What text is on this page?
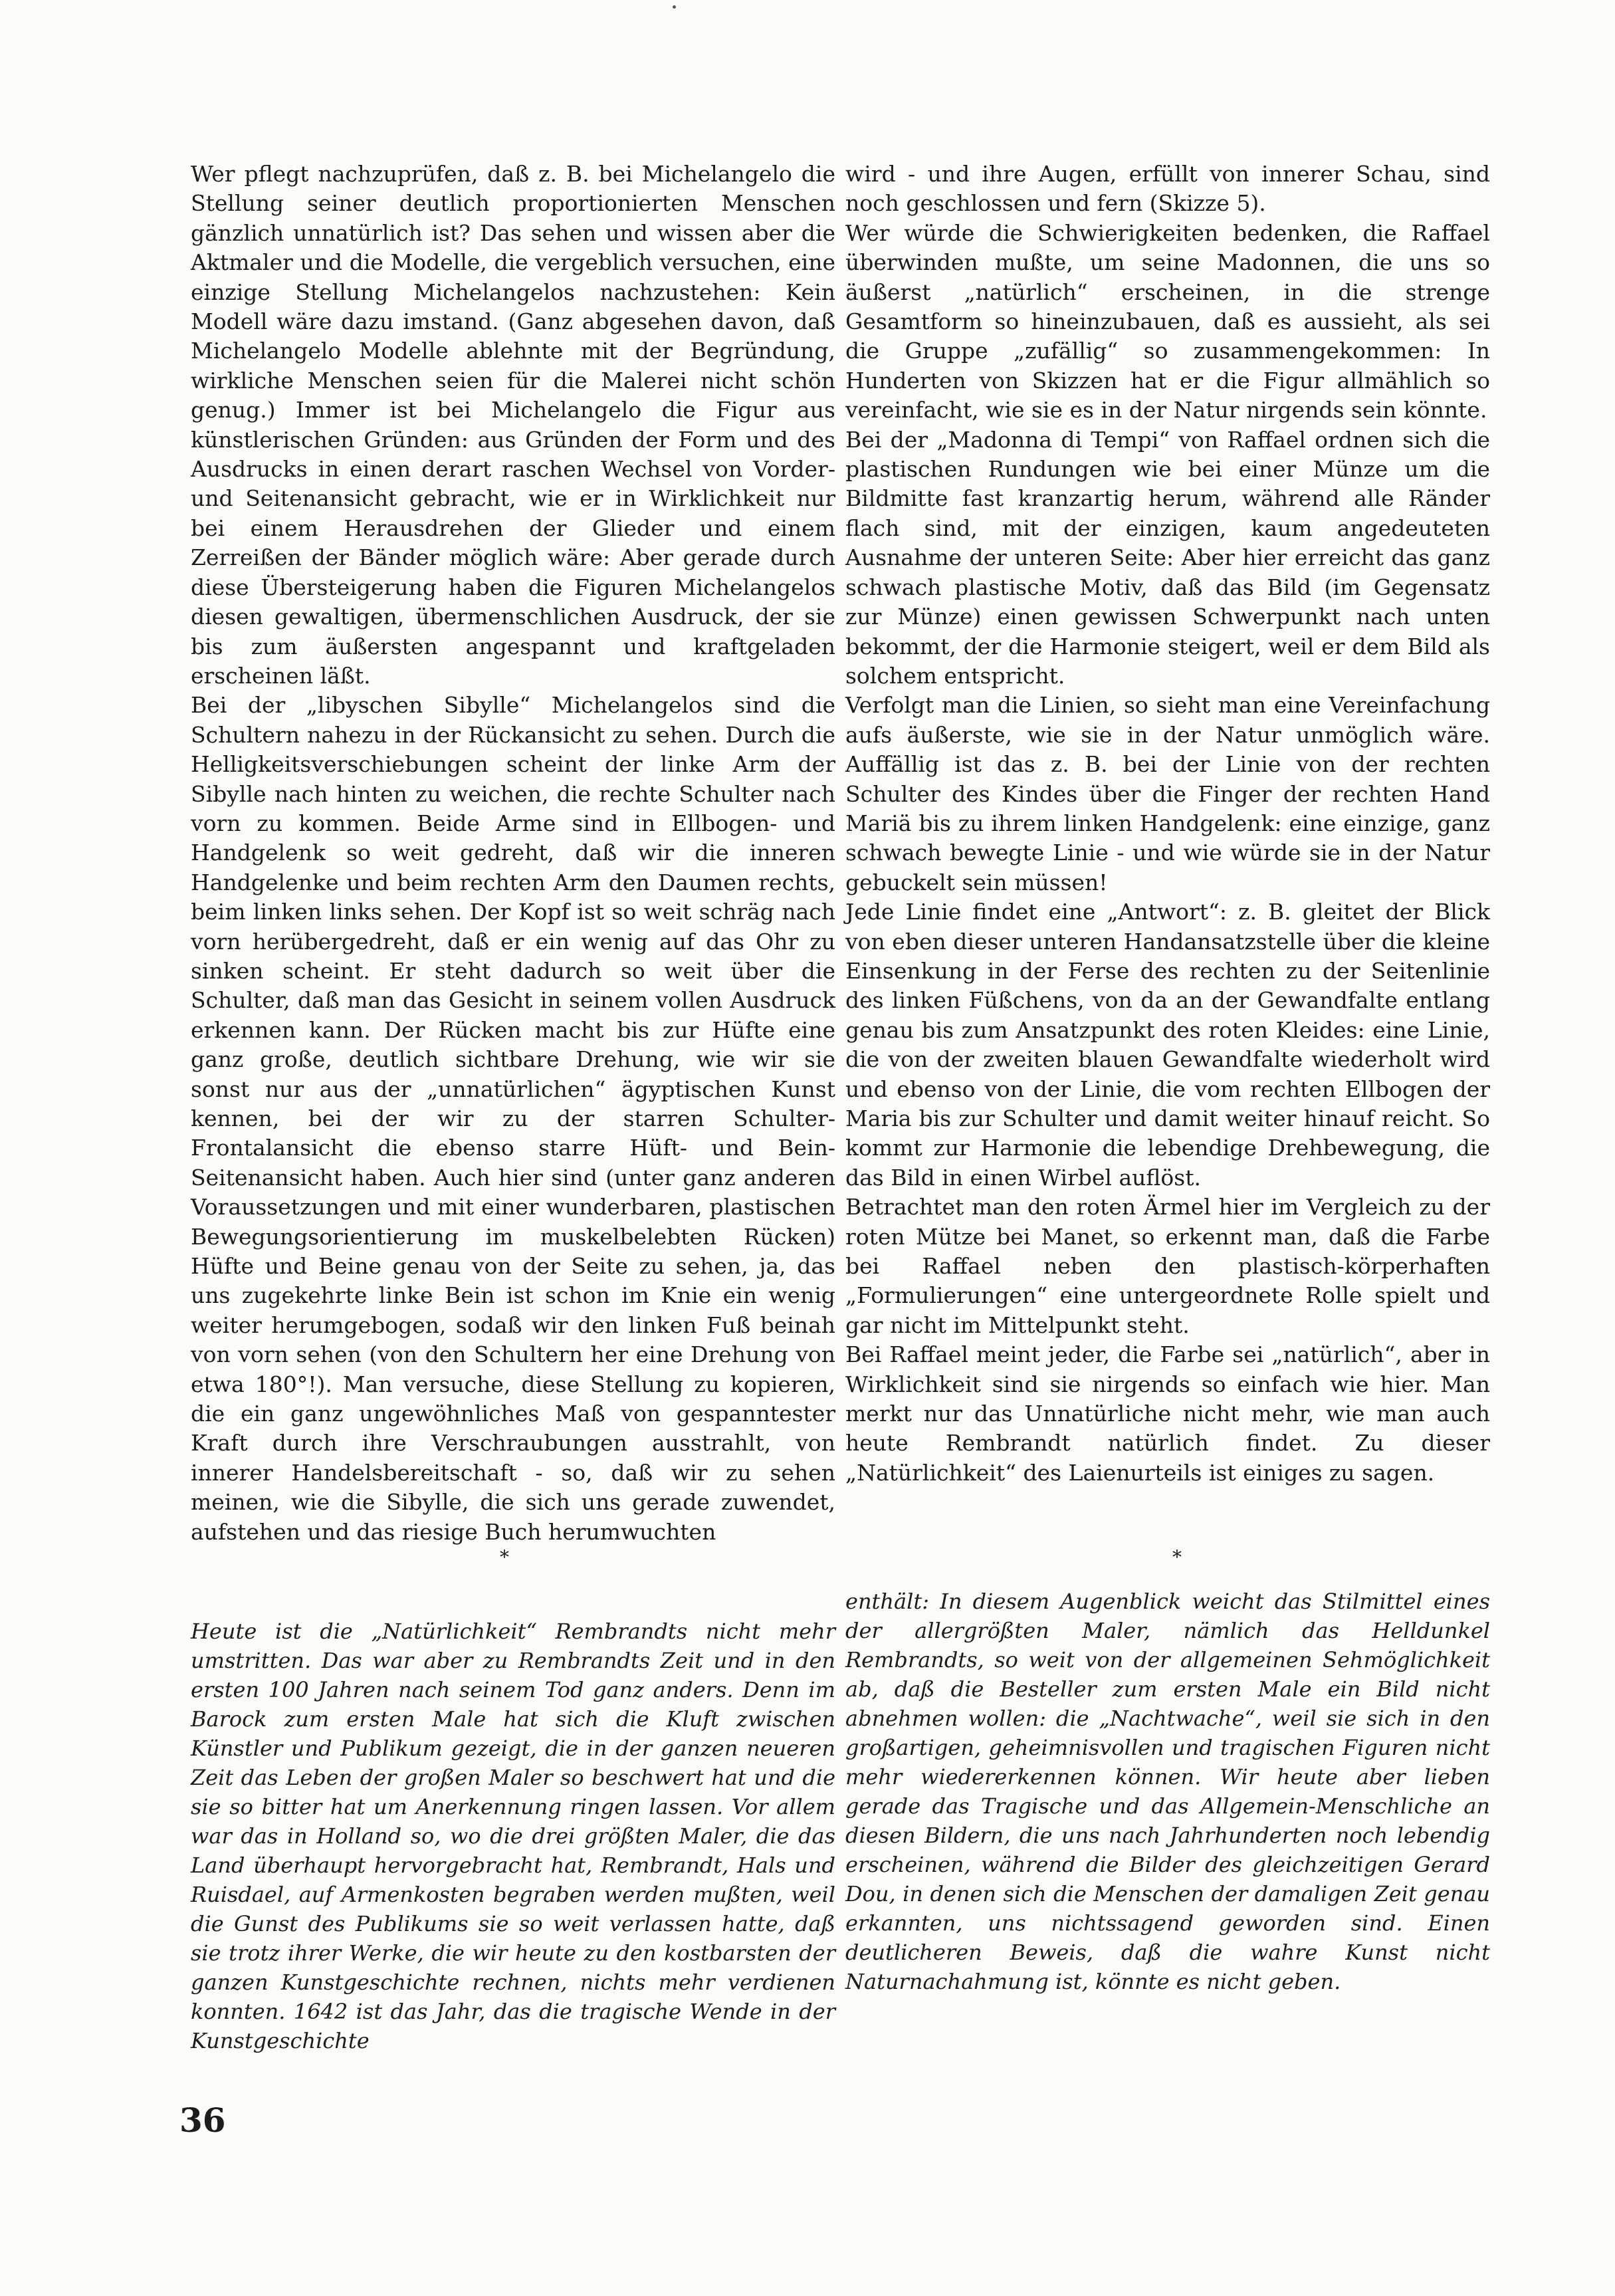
Wer pflegt nachzuprüfen, daß z. B. bei Michelangelo die Stellung seiner deutlich proportionierten Menschen gänzlich unnatürlich ist? Das sehen und wissen aber die Aktmaler und die Modelle, die vergeblich versuchen, eine einzige Stellung Michelangelos nachzustehen: Kein Modell wäre dazu imstand. (Ganz abgesehen davon, daß Michelangelo Modelle ablehnte mit der Begründung, wirkliche Menschen seien für die Malerei nicht schön genug.) Immer ist bei Michelangelo die Figur aus künstlerischen Gründen: aus Gründen der Form und des Ausdrucks in einen derart raschen Wechsel von Vorder- und Seitenansicht gebracht, wie er in Wirklichkeit nur bei einem Herausdrehen der Glieder und einem Zerreißen der Bänder möglich wäre: Aber gerade durch diese Übersteigerung haben die Figuren Michelangelos diesen gewaltigen, übermenschlichen Ausdruck, der sie bis zum äußersten angespannt und kraftgeladen erscheinen läßt.

Bei der „libyschen Sibylle“ Michelangelos sind die Schultern nahezu in der Rückansicht zu sehen. Durch die Helligkeitsverschiebungen scheint der linke Arm der Sibylle nach hinten zu weichen, die rechte Schulter nach vorn zu kommen. Beide Arme sind in Ellbogen- und Handgelenk so weit gedreht, daß wir die inneren Handgelenke und beim rechten Arm den Daumen rechts, beim linken links sehen. Der Kopf ist so weit schräg nach vorn herübergedreht, daß er ein wenig auf das Ohr zu sinken scheint. Er steht dadurch so weit über die Schulter, daß man das Gesicht in seinem vollen Ausdruck erkennen kann. Der Rücken macht bis zur Hüfte eine ganz große, deutlich sichtbare Drehung, wie wir sie sonst nur aus der „unnatürlichen“ ägyptischen Kunst kennen, bei der wir zu der starren Schulter-Frontalansicht die ebenso starre Hüft- und Bein-Seitenansicht haben. Auch hier sind (unter ganz anderen Voraussetzungen und mit einer wunderbaren, plastischen Bewegungsorientierung im muskelbelebten Rücken) Hüfte und Beine genau von der Seite zu sehen, ja, das uns zugekehrte linke Bein ist schon im Knie ein wenig weiter herumgebogen, sodaß wir den linken Fuß beinah von vorn sehen (von den Schultern her eine Drehung von etwa 180°!). Man versuche, diese Stellung zu kopieren, die ein ganz ungewöhnliches Maß von gespanntester Kraft durch ihre Verschraubungen ausstrahlt, von innerer Handelsbereitschaft - so, daß wir zu sehen meinen, wie die Sibylle, die sich uns gerade zuwendet, aufstehen und das riesige Buch herumwuchten

wird - und ihre Augen, erfüllt von innerer Schau, sind noch geschlossen und fern (Skizze 5).

Wer würde die Schwierigkeiten bedenken, die Raffael überwinden mußte, um seine Madonnen, die uns so äußerst „natürlich“ erscheinen, in die strenge Gesamtform so hineinzubauen, daß es aussieht, als sei die Gruppe „zufällig“ so zusammengekommen: In Hunderten von Skizzen hat er die Figur allmählich so vereinfacht, wie sie es in der Natur nirgends sein könnte.

Bei der „Madonna di Tempi“ von Raffael ordnen sich die plastischen Rundungen wie bei einer Münze um die Bildmitte fast kranzartig herum, während alle Ränder flach sind, mit der einzigen, kaum angedeuteten Ausnahme der unteren Seite: Aber hier erreicht das ganz schwach plastische Motiv, daß das Bild (im Gegensatz zur Münze) einen gewissen Schwerpunkt nach unten bekommt, der die Harmonie steigert, weil er dem Bild als solchem entspricht.

Verfolgt man die Linien, so sieht man eine Vereinfachung aufs äußerste, wie sie in der Natur unmöglich wäre. Auffällig ist das z. B. bei der Linie von der rechten Schulter des Kindes über die Finger der rechten Hand Mariä bis zu ihrem linken Handgelenk: eine einzige, ganz schwach bewegte Linie - und wie würde sie in der Natur gebuckelt sein müssen!

Jede Linie findet eine „Antwort“: z. B. gleitet der Blick von eben dieser unteren Handansatzstelle über die kleine Einsenkung in der Ferse des rechten zu der Seitenlinie des linken Füßchens, von da an der Gewandfalte entlang genau bis zum Ansatzpunkt des roten Kleides: eine Linie, die von der zweiten blauen Gewandfalte wiederholt wird und ebenso von der Linie, die vom rechten Ellbogen der Maria bis zur Schulter und damit weiter hinauf reicht. So kommt zur Harmonie die lebendige Drehbewegung, die das Bild in einen Wirbel auflöst.

Betrachtet man den roten Ärmel hier im Vergleich zu der roten Mütze bei Manet, so erkennt man, daß die Farbe bei Raffael neben den plastisch-körperhaften „Formulierungen“ eine untergeordnete Rolle spielt und gar nicht im Mittelpunkt steht.

Bei Raffael meint jeder, die Farbe sei „natürlich“, aber in Wirklichkeit sind sie nirgends so einfach wie hier. Man merkt nur das Unnatürliche nicht mehr, wie man auch heute Rembrandt natürlich findet. Zu dieser „Natürlichkeit“ des Laienurteils ist einiges zu sagen.

*	*

Heute ist die „Natürlichkeit“ Rembrandts nicht mehr umstritten. Das war aber zu Rembrandts Zeit und in den ersten 100 Jahren nach seinem Tod ganz anders. Denn im Barock zum ersten Male hat sich die Kluft zwischen Künstler und Publikum gezeigt, die in der ganzen neueren Zeit das Leben der großen Maler so beschwert hat und die sie so bitter hat um Anerkennung ringen lassen. Vor allem war das in Holland so, wo die drei größten Maler, die das Land überhaupt hervorgebracht hat, Rembrandt, Hals und Ruisdael, auf Armenkosten begraben werden mußten, weil die Gunst des Publikums sie so weit verlassen hatte, daß sie trotz ihrer Werke, die wir heute zu den kostbarsten der ganzen Kunstgeschichte rechnen, nichts mehr verdienen konnten. 1642 ist das Jahr, das die tragische Wende in der Kunstgeschichte

enthält: In diesem Augenblick weicht das Stilmittel eines der allergrößten Maler, nämlich das Helldunkel Rembrandts, so weit von der allgemeinen Sehmöglichkeit ab, daß die Besteller zum ersten Male ein Bild nicht abnehmen wollen: die „Nachtwache“, weil sie sich in den großartigen, geheimnisvollen und tragischen Figuren nicht mehr wiedererkennen können. Wir heute aber lieben gerade das Tragische und das Allgemein-Menschliche an diesen Bildern, die uns nach Jahrhunderten noch lebendig erscheinen, während die Bilder des gleichzeitigen Gerard Dou, in denen sich die Menschen der damaligen Zeit genau erkannten, uns nichtssagend geworden sind. Einen deutlicheren Beweis, daß die wahre Kunst nicht Naturnachahmung ist, könnte es nicht geben.

36
